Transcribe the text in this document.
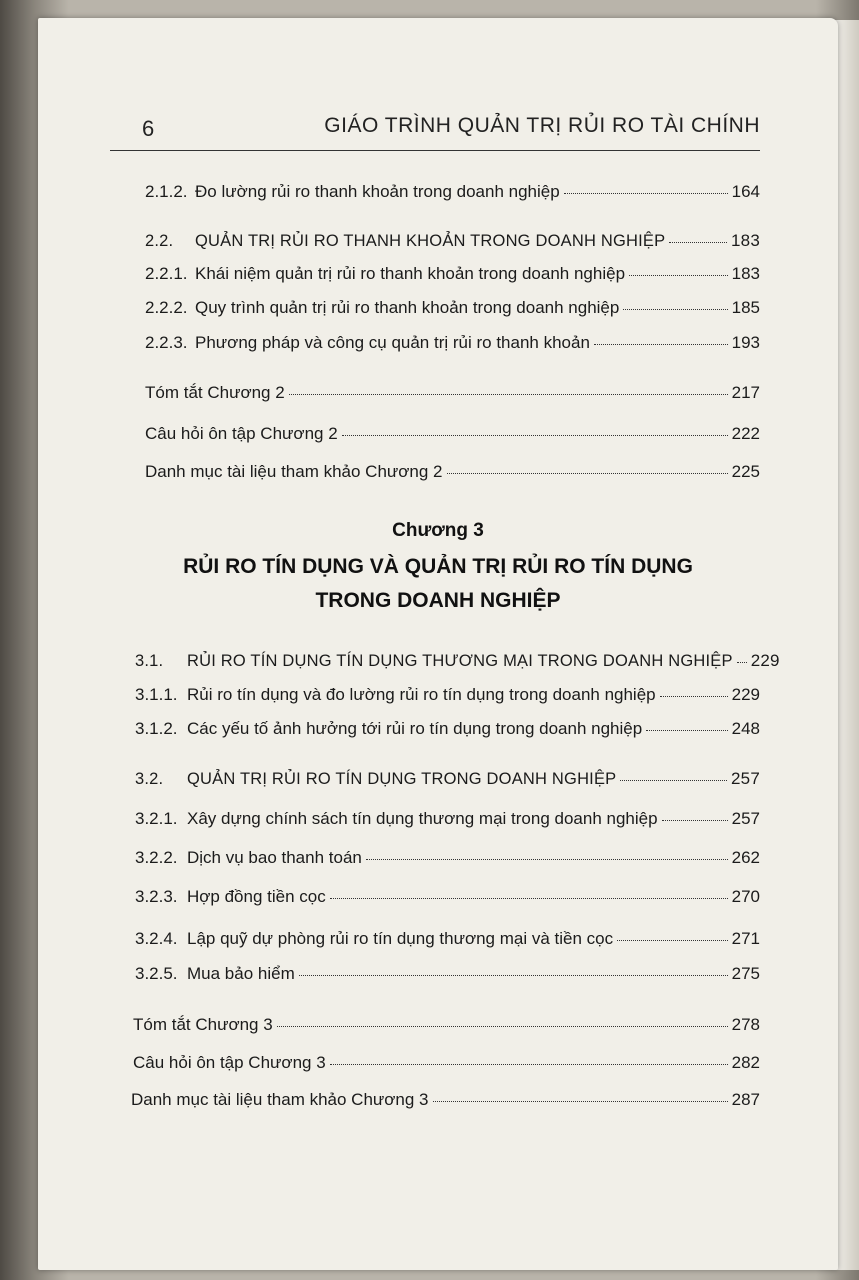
6	GIÁO TRÌNH QUẢN TRỊ RỦI RO TÀI CHÍNH
2.1.2. Đo lường rủi ro thanh khoản trong doanh nghiệp	164
2.2.	QUẢN TRỊ RỦI RO THANH KHOẢN TRONG DOANH NGHIỆP	183
2.2.1. Khái niệm quản trị rủi ro thanh khoản trong doanh nghiệp	183
2.2.2. Quy trình quản trị rủi ro thanh khoản trong doanh nghiệp	185
2.2.3. Phương pháp và công cụ quản trị rủi ro thanh khoản	193
Tóm tắt Chương 2	217
Câu hỏi ôn tập Chương 2	222
Danh mục tài liệu tham khảo Chương 2	225
Chương 3
RỦI RO TÍN DỤNG VÀ QUẢN TRỊ RỦI RO TÍN DỤNG
TRONG DOANH NGHIỆP
3.1.	RỦI RO TÍN DỤNG TÍN DỤNG THƯƠNG MẠI TRONG DOANH NGHIỆP 229
3.1.1. Rủi ro tín dụng và đo lường rủi ro tín dụng trong doanh nghiệp	229
3.1.2. Các yếu tố ảnh hưởng tới rủi ro tín dụng trong doanh nghiệp	248
3.2.	QUẢN TRỊ RỦI RO TÍN DỤNG TRONG DOANH NGHIỆP	257
3.2.1. Xây dựng chính sách tín dụng thương mại trong doanh nghiệp	257
3.2.2. Dịch vụ bao thanh toán	262
3.2.3. Hợp đồng tiền cọc	270
3.2.4. Lập quỹ dự phòng rủi ro tín dụng thương mại và tiền cọc	271
3.2.5. Mua bảo hiểm	275
Tóm tắt Chương 3	278
Câu hỏi ôn tập Chương 3	282
Danh mục tài liệu tham khảo Chương 3	287
